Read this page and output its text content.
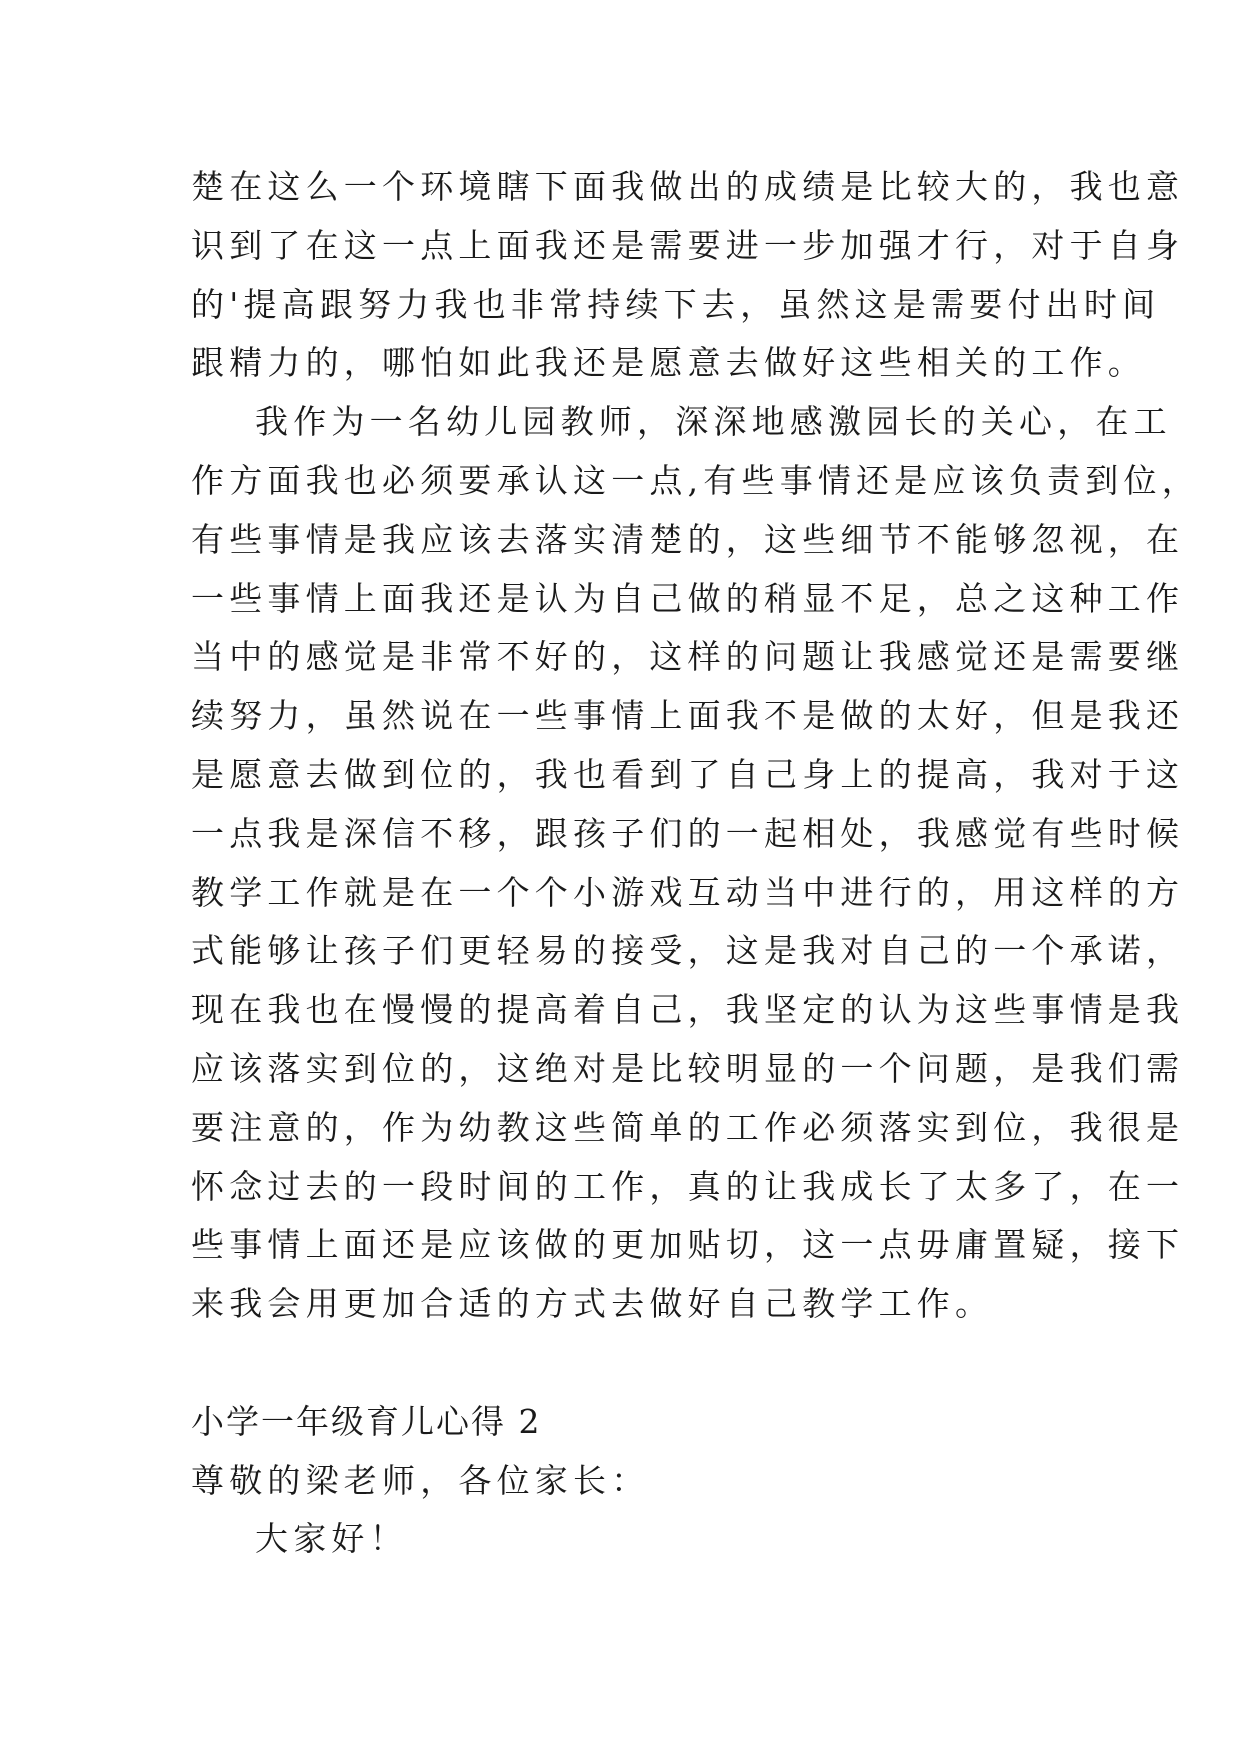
楚在这么一个环境瞎下面我做出的成绩是比较大的，我也意
识到了在这一点上面我还是需要进一步加强才行，对于自身
的'提高跟努力我也非常持续下去，虽然这是需要付出时间
跟精力的，哪怕如此我还是愿意去做好这些相关的工作。
我作为一名幼儿园教师，深深地感激园长的关心，在工
作方面我也必须要承认这一点,有些事情还是应该负责到位，
有些事情是我应该去落实清楚的，这些细节不能够忽视，在
一些事情上面我还是认为自己做的稍显不足，总之这种工作
当中的感觉是非常不好的，这样的问题让我感觉还是需要继
续努力，虽然说在一些事情上面我不是做的太好，但是我还
是愿意去做到位的，我也看到了自己身上的提高，我对于这
一点我是深信不移，跟孩子们的一起相处，我感觉有些时候
教学工作就是在一个个小游戏互动当中进行的，用这样的方
式能够让孩子们更轻易的接受，这是我对自己的一个承诺，
现在我也在慢慢的提高着自己，我坚定的认为这些事情是我
应该落实到位的，这绝对是比较明显的一个问题，是我们需
要注意的，作为幼教这些简单的工作必须落实到位，我很是
怀念过去的一段时间的工作，真的让我成长了太多了，在一
些事情上面还是应该做的更加贴切，这一点毋庸置疑，接下
来我会用更加合适的方式去做好自己教学工作。
小学一年级育儿心得 2
尊敬的梁老师，各位家长：
大家好！
